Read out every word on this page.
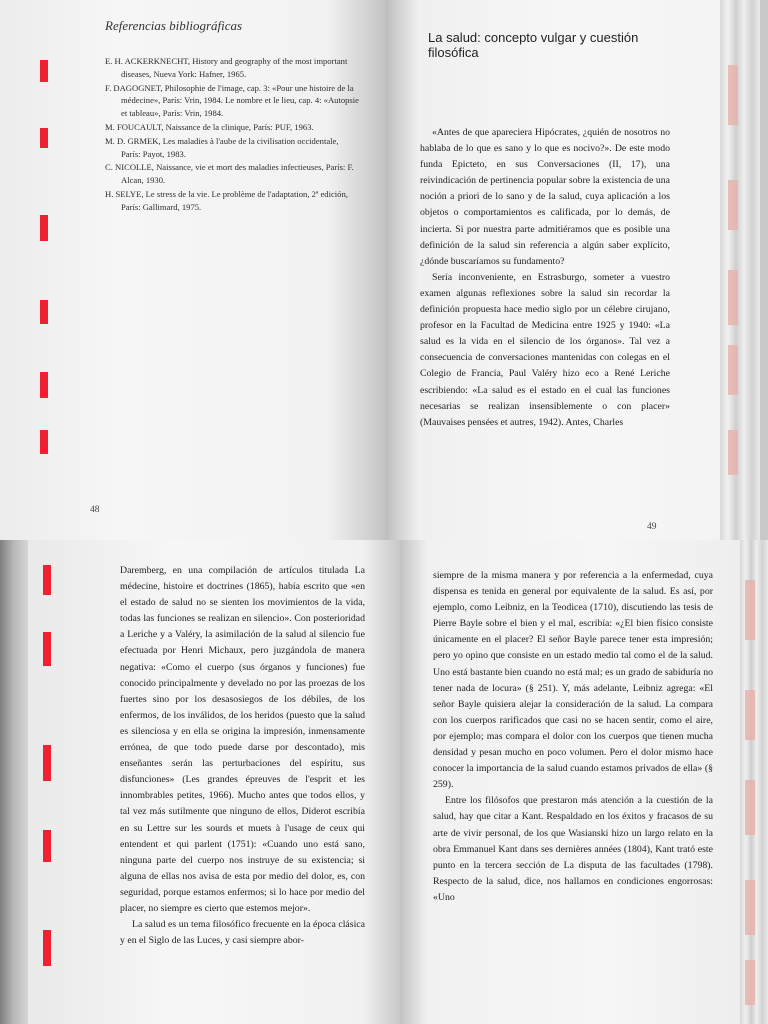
Referencias bibliográficas
E. H. ACKERKNECHT, History and geography of the most important diseases, Nueva York: Hafner, 1965.
F. DAGOGNET, Philosophie de l'image, cap. 3: «Pour une histoire de la médecine», París: Vrin, 1984. Le nombre et le lieu, cap. 4: «Autopsie et tableau», París: Vrin, 1984.
M. FOUCAULT, Naissance de la clinique, París: PUF, 1963.
M. D. GRMEK, Les maladies à l'aube de la civilisation occidentale, París: Payot, 1983.
C. NICOLLE, Naissance, vie et mort des maladies infectieuses, París: F. Alcan, 1930.
H. SELYE, Le stress de la vie. Le problème de l'adaptation, 2ª edición, París: Gallimard, 1975.
48
La salud: concepto vulgar y cuestión filosófica

«Antes de que apareciera Hipócrates, ¿quién de nosotros no hablaba de lo que es sano y lo que es nocivo?». De este modo funda Epicteto, en sus Conversaciones (II, 17), una reivindicación de pertinencia popular sobre la existencia de una noción a priori de lo sano y de la salud, cuya aplicación a los objetos o comportamientos es calificada, por lo demás, de incierta. Si por nuestra parte admitiéramos que es posible una definición de la salud sin referencia a algún saber explícito, ¿dónde buscaríamos su fundamento?

Sería inconveniente, en Estrasburgo, someter a vuestro examen algunas reflexiones sobre la salud sin recordar la definición propuesta hace medio siglo por un célebre cirujano, profesor en la Facultad de Medicina entre 1925 y 1940: «La salud es la vida en el silencio de los órganos». Tal vez a consecuencia de conversaciones mantenidas con colegas en el Colegio de Francia, Paul Valéry hizo eco a René Leriche escribiendo: «La salud es el estado en el cual las funciones necesarias se realizan insensiblemente o con placer» (Mauvaises pensées et autres, 1942). Antes, Charles

49

Daremberg, en una compilación de artículos titulada La médecine, histoire et doctrines (1865), había escrito que «en el estado de salud no se sienten los movimientos de la vida, todas las funciones se realizan en silencio». Con posterioridad a Leriche y a Valéry, la asimilación de la salud al silencio fue efectuada por Henri Michaux, pero juzgándola de manera negativa: «Como el cuerpo (sus órganos y funciones) fue conocido principalmente y develado no por las proezas de los fuertes sino por los desasosiegos de los débiles, de los enfermos, de los inválidos, de los heridos (puesto que la salud es silenciosa y en ella se origina la impresión, inmensamente errónea, de que todo puede darse por descontado), mis enseñantes serán las perturbaciones del espíritu, sus disfunciones» (Les grandes épreuves de l'esprit et les innombrables petites, 1966). Mucho antes que todos ellos, y tal vez más sutilmente que ninguno de ellos, Diderot escribía en su Lettre sur les sourds et muets à l'usage de ceux qui entendent et qui parlent (1751): «Cuando uno está sano, ninguna parte del cuerpo nos instruye de su existencia; si alguna de ellas nos avisa de esta por medio del dolor, es, con seguridad, porque estamos enfermos; si lo hace por medio del placer, no siempre es cierto que estemos mejor».

La salud es un tema filosófico frecuente en la época clásica y en el Siglo de las Luces, y casi siempre abor-

siempre de la misma manera y por referencia a la enfermedad, cuya dispensa es tenida en general por equivalente de la salud. Es así, por ejemplo, como Leibniz, en la Teodicea (1710), discutiendo las tesis de Pierre Bayle sobre el bien y el mal, escribía: «¿El bien físico consiste únicamente en el placer? El señor Bayle parece tener esta impresión; pero yo opino que consiste en un estado medio tal como el de la salud. Uno está bastante bien cuando no está mal; es un grado de sabiduría no tener nada de locura» (§ 251). Y, más adelante, Leibniz agrega: «El señor Bayle quisiera alejar la consideración de la salud. La compara con los cuerpos rarificados que casi no se hacen sentir, como el aire, por ejemplo; mas compara el dolor con los cuerpos que tienen mucha densidad y pesan mucho en poco volumen. Pero el dolor mismo hace conocer la importancia de la salud cuando estamos privados de ella» (§ 259).

Entre los filósofos que prestaron más atención a la cuestión de la salud, hay que citar a Kant. Respaldado en los éxitos y fracasos de su arte de vivir personal, de los que Wasianski hizo un largo relato en la obra Emmanuel Kant dans ses dernières années (1804), Kant trató este punto en la tercera sección de La disputa de las facultades (1798). Respecto de la salud, dice, nos hallamos en condiciones engorrosas: «Uno
